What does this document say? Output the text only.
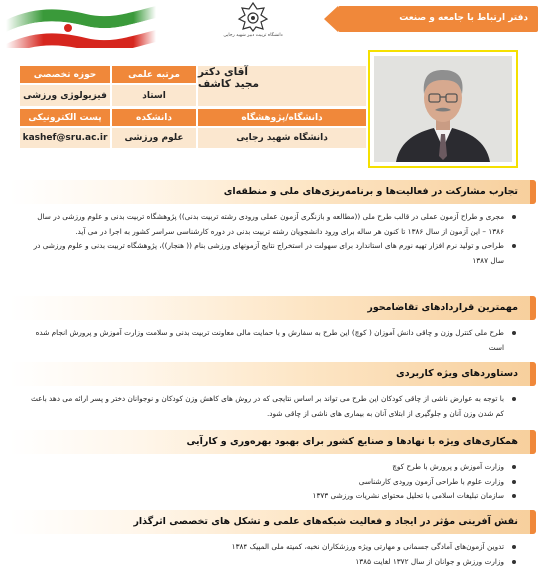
دانشگاه تربیت دبیر شهید رجایی
دفتر ارتباط با جامعه و صنعت
حوزه تخصصی	مرتبه علمی	آقای دکتر
مجید کاشف
فیزیولوژی ورزشی	استاد
پست الکترونیکی	دانشکده	دانشگاه/پژوهشگاه
kashef@sru.ac.ir	علوم ورزشی	دانشگاه شهید رجایی
تجارب مشارکت در فعالیت‌ها و برنامه‌ریزی‌های ملی و منطقه‌ای
مجری و طراح آزمون عملی در قالب طرح ملی ((مطالعه و بازنگری آزمون عملی ورودی رشته تربیت بدنی)) پژوهشگاه تربیت بدنی و علوم ورزشی در سال ۱۳۸۶ – این آزمون از سال ۱۳۸۶ تا کنون هر ساله برای ورود دانشجویان رشته تربیت بدنی در دوره کارشناسی سراسر کشور به اجرا در می آید.
طراحی و تولید نرم افزار تهیه نورم های استاندارد برای سهولت در استخراج نتایج آزمونهای ورزشی بنام (( هنجار))، پژوهشگاه تربیت بدنی و علوم ورزشی در سال ۱۳۸۷
مهمترین قراردادهای تقاضامحور
طرح ملی کنترل وزن و چاقی دانش آموزان ( کوچ) این طرح به سفارش و با حمایت مالی معاونت تربیت بدنی و سلامت وزارت آموزش و پرورش انجام شده است
دستاوردهای ویژه کاربردی
با توجه به عوارض ناشی از چاقی کودکان این طرح می تواند بر اساس نتایجی که در روش های کاهش وزن کودکان و نوجوانان دختر و پسر ارائه می دهد باعث کم شدن وزن آنان و جلوگیری از ابتلای آنان به بیماری های ناشی از چاقی شود.
همکاری‌های ویژه با نهادها و صنایع کشور برای بهبود بهره‌وری و کارآیی
وزارت آموزش و پرورش با طرح کوچ
وزارت علوم با طراحی آزمون ورودی کارشناسی
سازمان تبلیغات اسلامی با تحلیل محتوای نشریات ورزشی ۱۳۷۳
نقش آفرینی مؤثر در ایجاد و فعالیت شبکه‌های علمی و تشکل های تخصصی اثرگذار
تدوین آزمون‌های آمادگی جسمانی و مهارتی ویژه ورزشکاران نخبه، کمیته ملی المپیک ۱۳۸۴
وزارت ورزش و جوانان از سال ۱۳۷۲ لغایت ۱۳۸۵
